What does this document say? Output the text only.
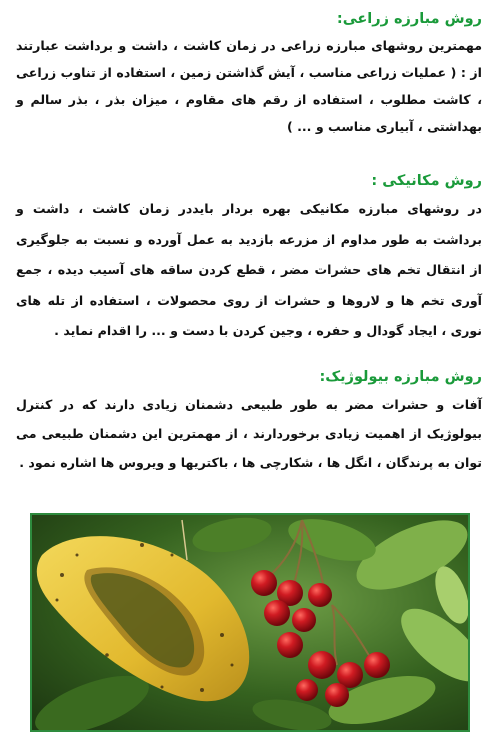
روش مبارزه زراعی:

مهمترین روشهای مبارزه زراعی در زمان کاشت ، داشت و برداشت عبارتند از : ( عملیات زراعی مناسب ، آیش گذاشتن زمین ، استفاده از تناوب زراعی ، کاشت مطلوب ، استفاده از رقم های مقاوم ، میزان بذر ، بذر سالم و بهداشتی ، آبیاری مناسب و ... )

روش مکانیکی :

در روشهای مبارزه مکانیکی بهره بردار بایددر زمان کاشت ، داشت و برداشت به طور مداوم از مزرعه بازدید به عمل آورده و نسبت به جلوگیری از انتقال تخم های حشرات مضر ، قطع کردن ساقه های آسیب دیده ، جمع آوری تخم ها و لاروها و حشرات از روی محصولات ، استفاده از تله های نوری ، ایجاد گودال و حفره ، وجین کردن با دست و ... را اقدام نماید .

روش مبارزه بیولوژیک:

آفات و حشرات مضر به طور طبیعی دشمنان زیادی دارند که در کنترل بیولوژیک از اهمیت زیادی برخوردارند ، از مهمترین این دشمنان طبیعی می توان به پرندگان ، انگل ها ، شکارچی ها ، باکتریها و ویروس ها اشاره نمود .
